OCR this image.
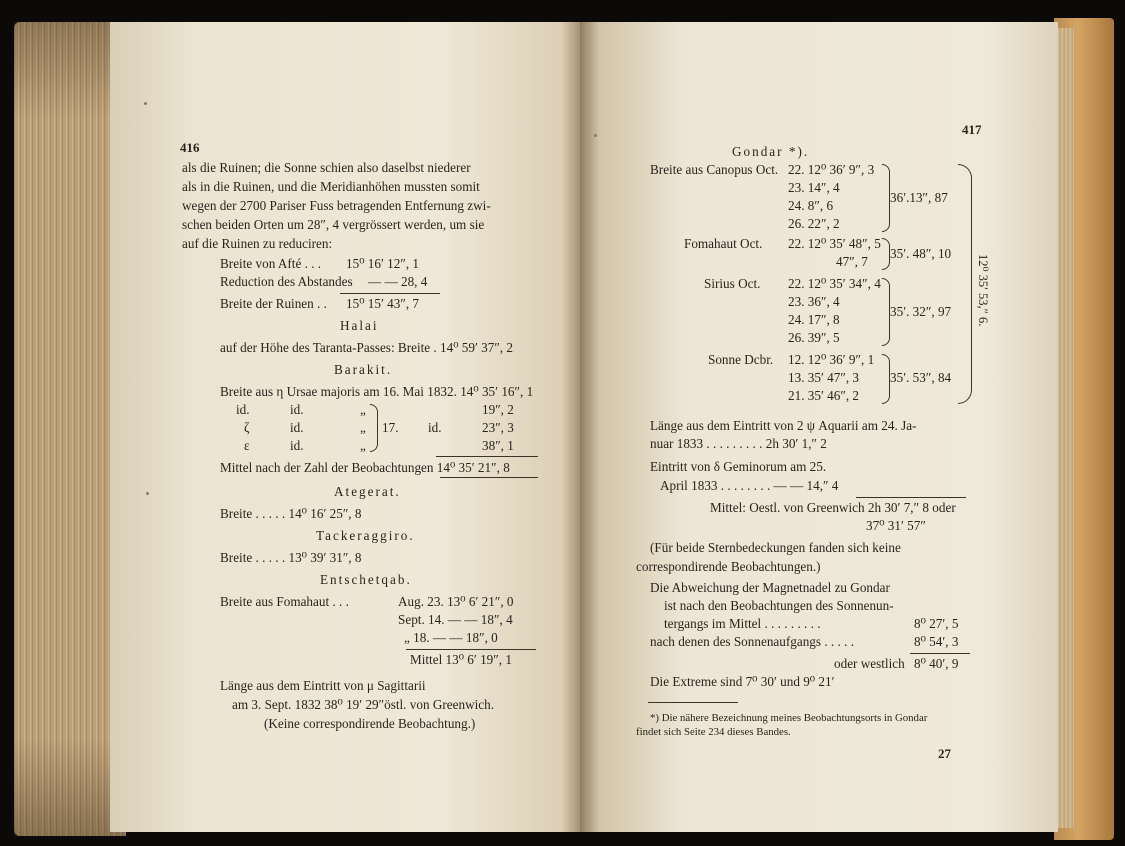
416
als die Ruinen; die Sonne schien also daselbst niederer
als in die Ruinen, und die Meridianhöhen mussten somit
wegen der 2700 Pariser Fuss betragenden Entfernung zwi-
schen beiden Orten um 28″, 4 vergrössert werden, um sie
auf die Ruinen zu reduciren:
Breite von Afté . . . 15⁰ 16′ 12″, 1
Reduction des Abstandes — — 28, 4
Breite der Ruinen . . 15⁰ 15′ 43″, 7
Halai
auf der Höhe des Taranta-Passes: Breite . 14⁰ 59′ 37″, 2
Barakit.
Breite aus η Ursae majoris am 16. Mai 1832. 14⁰ 35′ 16″, 1
id.	id.	„	19″, 2
ζ	id.	„	23″, 3
ε	id.	„	38″, 1
17. id.
Mittel nach der Zahl der Beobachtungen 14⁰ 35′ 21″, 8
Ategerat.
Breite . . . . . 14⁰ 16′ 25″, 8
Tackeraggiro.
Breite . . . . . 13⁰ 39′ 31″, 8
Entschetqab.
Breite aus Fomahaut . . .	Aug. 23. 13⁰ 6′ 21″, 0
Sept. 14. — — 18″, 4
„ 18. — — 18″, 0
Mittel 13⁰ 6′ 19″, 1
Länge aus dem Eintritt von μ Sagittarii
am 3. Sept. 1832 38⁰ 19′ 29″östl. von Greenwich.
(Keine correspondirende Beobachtung.)
417
Gondar *).
Breite aus Canopus Oct. 22. 12⁰ 36′ 9″, 3
23. 14″, 4
24. 8″, 6
26. 22″, 2
36′.13″, 87
Fomahaut Oct. 22. 12⁰ 35′ 48″, 5
47″, 7
35′. 48″, 10
Sirius Oct. 22. 12⁰ 35′ 34″, 4
23. 36″, 4
24. 17″, 8
26. 39″, 5
35′. 32″, 97
Sonne Dcbr. 12. 12⁰ 36′ 9″, 1
13. 35′ 47″, 3
21. 35′ 46″, 2
35′. 53″, 84
12⁰ 35′ 53,″ 6.
Länge aus dem Eintritt von 2 ψ Aquarii am 24. Ja-
nuar 1833 . . . . . . . . . 2h 30′ 1,″ 2
Eintritt von δ Geminorum am 25.
April 1833 . . . . . . . . — — 14,″ 4
Mittel: Oestl. von Greenwich 2h 30′ 7,″ 8 oder
37⁰ 31′ 57″
(Für beide Sternbedeckungen fanden sich keine
correspondirende Beobachtungen.)
Die Abweichung der Magnetnadel zu Gondar
ist nach den Beobachtungen des Sonnenun-
tergangs im Mittel . . . . . . . . .	8⁰ 27′, 5
nach denen des Sonnenaufgangs . . . . .	8⁰ 54′, 3
oder westlich 8⁰ 40′, 9
Die Extreme sind 7⁰ 30′ und 9⁰ 21′
*) Die nähere Bezeichnung meines Beobachtungsorts in Gondar
findet sich Seite 234 dieses Bandes.
27
